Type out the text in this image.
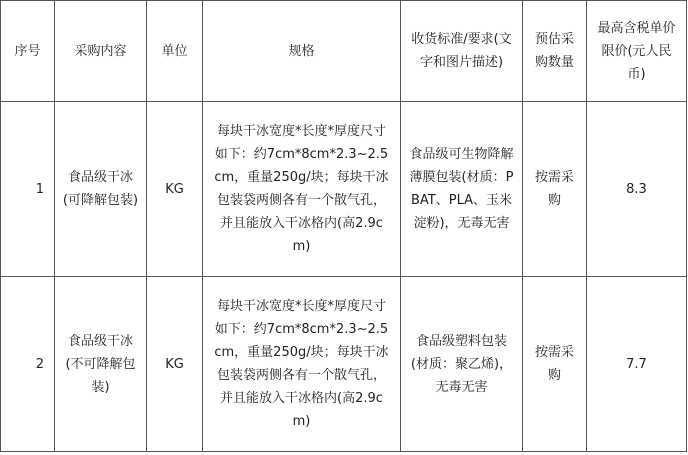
序号	采购内容	单位	规格	收货标准/要求(文字和图片描述)	预估采购数量	最高含税单价限价(元人民币)
1	食品级干冰(可降解包装)	KG	每块干冰宽度*长度*厚度尺寸如下：约7cm*8cm*2.3~2.5cm，重量250g/块；每块干冰包装袋两侧各有一个散气孔，并且能放入干冰格内(高2.9cm)	食品级可生物降解薄膜包装(材质：PBAT、PLA、玉米淀粉)，无毒无害	按需采购	8.3
2	食品级干冰(不可降解包装)	KG	每块干冰宽度*长度*厚度尺寸如下：约7cm*8cm*2.3~2.5cm，重量250g/块；每块干冰包装袋两侧各有一个散气孔，并且能放入干冰格内(高2.9cm)	食品级塑料包装(材质：聚乙烯)，无毒无害	按需采购	7.7
